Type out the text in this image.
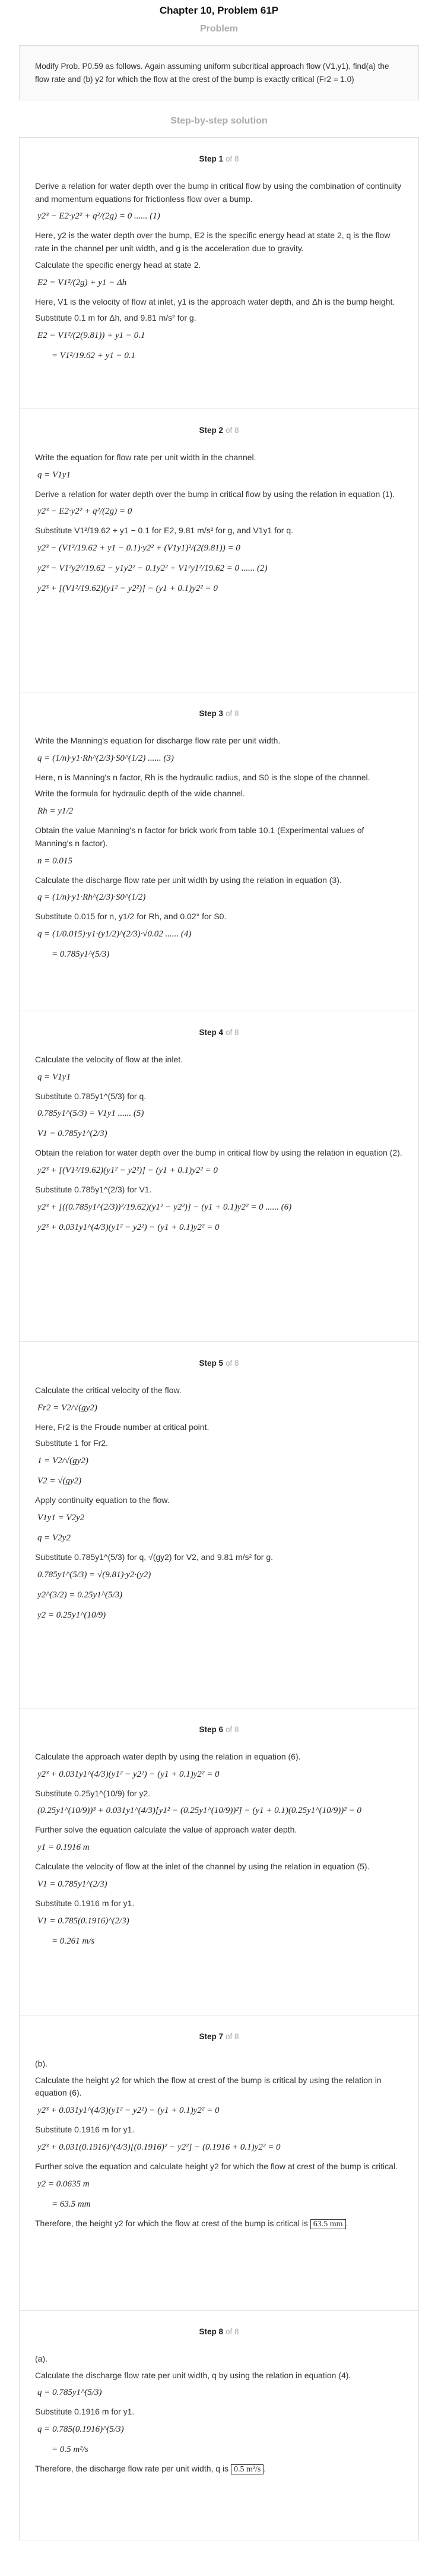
Chapter 10, Problem 61P
Problem

Modify Prob. P0.59 as follows. Again assuming uniform subcritical approach flow (V1,y1), find(a) the flow rate and (b) y2 for which the flow at the crest of the bump is exactly critical (Fr2 = 1.0)

Step-by-step solution
Step 1 of 8

Derive a relation for water depth over the bump in critical flow by using the combination of continuity and momentum equations for frictionless flow over a bump.

y2³ − E2·y2² + q²/(2g) = 0 ...... (1)

Here, y2 is the water depth over the bump, E2 is the specific energy head at state 2, q is the flow rate in the channel per unit width, and g is the acceleration due to gravity.

Calculate the specific energy head at state 2.

E2 = V1²/(2g) + y1 − Δh

Here, V1 is the velocity of flow at inlet, y1 is the approach water depth, and Δh is the bump height.

Substitute 0.1 m for Δh, and 9.81 m/s² for g.

E2 = V1²/(2(9.81)) + y1 − 0.1
= V1²/19.62 + y1 − 0.1
Step 2 of 8

Write the equation for flow rate per unit width in the channel.

q = V1y1

Derive a relation for water depth over the bump in critical flow by using the relation in equation (1).

y2³ − E2·y2² + q²/(2g) = 0

Substitute V1²/19.62 + y1 − 0.1 for E2, 9.81 m/s² for g, and V1y1 for q.

y2³ − (V1²/19.62 + y1 − 0.1)·y2² + (V1y1)²/(2(9.81)) = 0
y2³ − V1²y2²/19.62 − y1y2² − 0.1y2² + V1²y1²/19.62 = 0 ...... (2)
y2³ + [(V1²/19.62)(y1² − y2²)] − (y1 + 0.1)y2² = 0
Step 3 of 8

Write the Manning's equation for discharge flow rate per unit width.

q = (1/n)·y1·Rh^(2/3)·S0^(1/2) ...... (3)

Here, n is Manning's n factor, Rh is the hydraulic radius, and S0 is the slope of the channel.

Write the formula for hydraulic depth of the wide channel.

Rh = y1/2

Obtain the value Manning's n factor for brick work from table 10.1 (Experimental values of Manning's n factor).

n = 0.015

Calculate the discharge flow rate per unit width by using the relation in equation (3).

q = (1/n)·y1·Rh^(2/3)·S0^(1/2)

Substitute 0.015 for n, y1/2 for Rh, and 0.02° for S0.

q = (1/0.015)·y1·(y1/2)^(2/3)·√0.02 ...... (4)
= 0.785y1^(5/3)
Step 4 of 8

Calculate the velocity of flow at the inlet.

q = V1y1

Substitute 0.785y1^(5/3) for q.

0.785y1^(5/3) = V1y1 ...... (5)
V1 = 0.785y1^(2/3)

Obtain the relation for water depth over the bump in critical flow by using the relation in equation (2).

y2³ + [(V1²/19.62)(y1² − y2²)] − (y1 + 0.1)y2² = 0

Substitute 0.785y1^(2/3) for V1.

y2³ + [((0.785y1^(2/3))²/19.62)(y1² − y2²)] − (y1 + 0.1)y2² = 0 ...... (6)
y2³ + 0.031y1^(4/3)(y1² − y2²) − (y1 + 0.1)y2² = 0
Step 5 of 8

Calculate the critical velocity of the flow.

Fr2 = V2/√(gy2)

Here, Fr2 is the Froude number at critical point.

Substitute 1 for Fr2.

1 = V2/√(gy2)
V2 = √(gy2)

Apply continuity equation to the flow.

V1y1 = V2y2
q = V2y2

Substitute 0.785y1^(5/3) for q, √(gy2) for V2, and 9.81 m/s² for g.

0.785y1^(5/3) = √(9.81)·y2·(y2)
y2^(3/2) = 0.25y1^(5/3)
y2 = 0.25y1^(10/9)
Step 6 of 8

Calculate the approach water depth by using the relation in equation (6).

y2³ + 0.031y1^(4/3)(y1² − y2²) − (y1 + 0.1)y2² = 0

Substitute 0.25y1^(10/9) for y2.

(0.25y1^(10/9))³ + 0.031y1^(4/3)[y1² − (0.25y1^(10/9))²] − (y1 + 0.1)(0.25y1^(10/9))² = 0

Further solve the equation calculate the value of approach water depth.

y1 = 0.1916 m

Calculate the velocity of flow at the inlet of the channel by using the relation in equation (5).

V1 = 0.785y1^(2/3)

Substitute 0.1916 m for y1.

V1 = 0.785(0.1916)^(2/3)
= 0.261 m/s
Step 7 of 8

(b).

Calculate the height y2 for which the flow at crest of the bump is critical by using the relation in equation (6).

y2³ + 0.031y1^(4/3)(y1² − y2²) − (y1 + 0.1)y2² = 0

Substitute 0.1916 m for y1.

y2³ + 0.031(0.1916)^(4/3)[(0.1916)² − y2²] − (0.1916 + 0.1)y2² = 0

Further solve the equation and calculate height y2 for which the flow at crest of the bump is critical.

y2 = 0.0635 m
= 63.5 mm

Therefore, the height y2 for which the flow at crest of the bump is critical is 63.5 mm .

Step 8 of 8

(a).

Calculate the discharge flow rate per unit width, q by using the relation in equation (4).

q = 0.785y1^(5/3)

Substitute 0.1916 m for y1.

q = 0.785(0.1916)^(5/3)
= 0.5 m²/s

Therefore, the discharge flow rate per unit width, q is 0.5 m²/s .
